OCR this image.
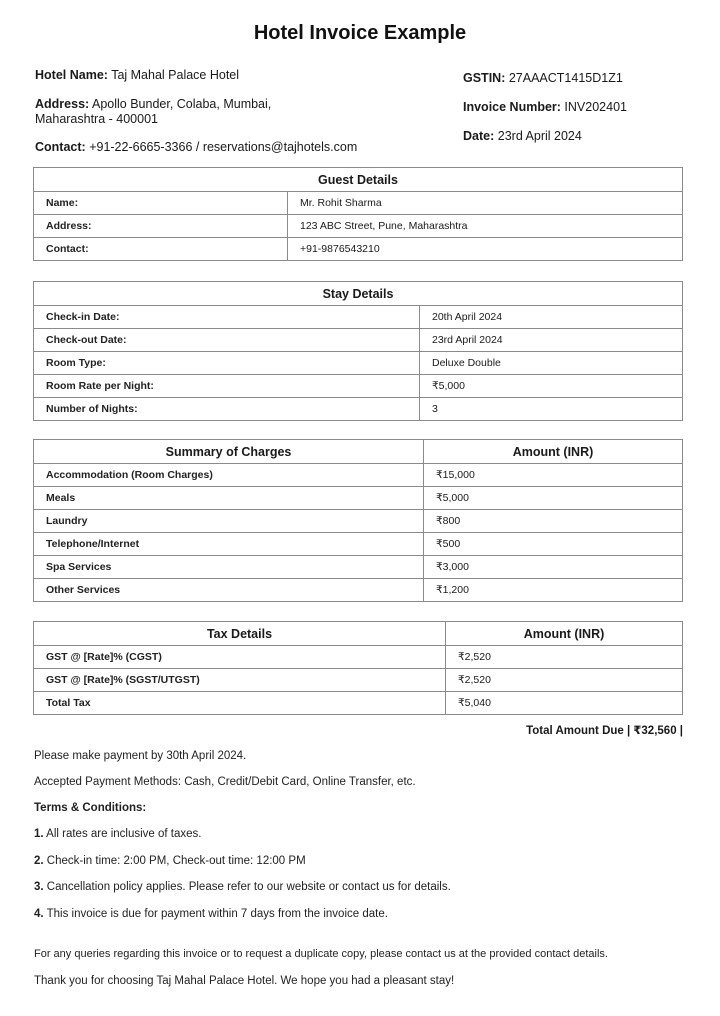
Hotel Invoice Example
Hotel Name: Taj Mahal Palace Hotel
Address: Apollo Bunder, Colaba, Mumbai,
Maharashtra - 400001
Contact: +91-22-6665-3366 / reservations@tajhotels.com
GSTIN: 27AAACT1415D1Z1
Invoice Number: INV202401
Date: 23rd April 2024
Guest Details	
Name:	Mr. Rohit Sharma
Address:	123 ABC Street, Pune, Maharashtra
Contact:	+91-9876543210
Stay Details	
Check-in Date:	20th April 2024
Check-out Date:	23rd April 2024
Room Type:	Deluxe Double
Room Rate per Night:	₹5,000
Number of Nights:	3
Summary of Charges	Amount (INR)
Accommodation (Room Charges)	₹15,000
Meals	₹5,000
Laundry	₹800
Telephone/Internet	₹500
Spa Services	₹3,000
Other Services	₹1,200
Tax Details	Amount (INR)
GST @ [Rate]% (CGST)	₹2,520
GST @ [Rate]% (SGST/UTGST)	₹2,520
Total Tax	₹5,040
Total Amount Due | ₹32,560 |
Please make payment by 30th April 2024.
Accepted Payment Methods: Cash, Credit/Debit Card, Online Transfer, etc.
Terms & Conditions:
1. All rates are inclusive of taxes.
2. Check-in time: 2:00 PM, Check-out time: 12:00 PM
3. Cancellation policy applies. Please refer to our website or contact us for details.
4. This invoice is due for payment within 7 days from the invoice date.
For any queries regarding this invoice or to request a duplicate copy, please contact us at the provided contact details.
Thank you for choosing Taj Mahal Palace Hotel. We hope you had a pleasant stay!
